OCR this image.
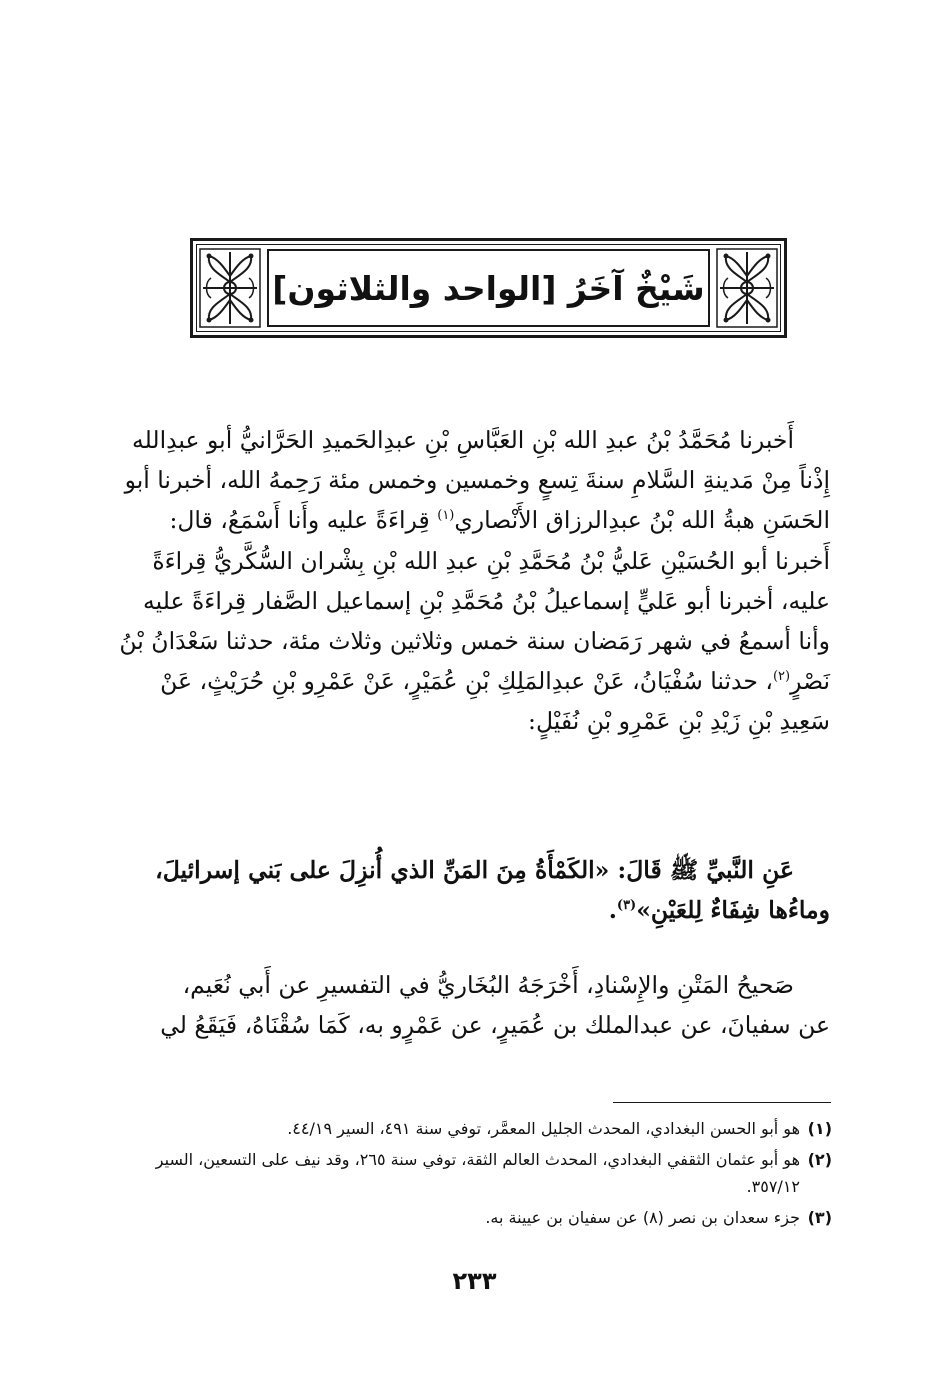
شَيْخٌ آخَرُ [الواحد والثلاثون]
أَخبرنا مُحَمَّدُ بْنُ عبدِ الله بْنِ العَبَّاسِ بْنِ عبدِالحَميدِ الحَرَّانيُّ أبو عبدِالله
إِذْناً مِنْ مَدينةِ السَّلامِ سنةَ تِسعٍ وخمسين وخمس مئة رَحِمهُ الله، أخبرنا أبو
الحَسَنِ هبةُ الله بْنُ عبدِالرزاق الأَنْصاري$^{(١)}$ قِراءَةً عليه وأَنا أَسْمَعُ، قال:
أَخبرنا أبو الحُسَيْنِ عَليُّ بْنُ مُحَمَّدِ بْنِ عبدِ الله بْنِ بِشْران السُّكَّريُّ قِراءَةً
عليه، أخبرنا أبو عَليٍّ إسماعيلُ بْنُ مُحَمَّدِ بْنِ إسماعيل الصَّفار قِراءَةً عليه
وأنا أسمعُ في شهر رَمَضان سنة خمس وثلاثين وثلاث مئة، حدثنا سَعْدَانُ بْنُ
نَصْرٍ$^{(٢)}$، حدثنا سُفْيَانُ، عَنْ عبدِالمَلِكِ بْنِ عُمَيْرٍ، عَنْ عَمْرِو بْنِ حُرَيْثٍ، عَنْ
سَعِيدِ بْنِ زَيْدِ بْنِ عَمْرِو بْنِ نُفَيْلٍ:
عَنِ النَّبيِّ ﷺ قَالَ: «الكَمْأَةُ مِنَ المَنِّ الذي أُنزِلَ على بَني إسرائيلَ،
وماءُها شِفَاءٌ لِلعَيْنِ»$^{(٣)}$.
صَحيحُ المَتْنِ والإِسْنادِ، أَخْرَجَهُ البُخَاريُّ في التفسيرِ عن أَبي نُعَيم،
عن سفيانَ، عن عبدالملك بن عُمَيرٍ، عن عَمْرٍو به، كَمَا سُقْنَاهُ، فَيَقَعُ لي
(١)
هو أبو الحسن البغدادي، المحدث الجليل المعمَّر، توفي سنة ٤٩١، السير ٤٤/١٩.
(٢)
هو أبو عثمان الثقفي البغدادي، المحدث العالم الثقة، توفي سنة ٢٦٥، وقد نيف على التسعين، السير ٣٥٧/١٢.
(٣)
جزء سعدان بن نصر (٨) عن سفيان بن عيينة به.
٢٣٣
